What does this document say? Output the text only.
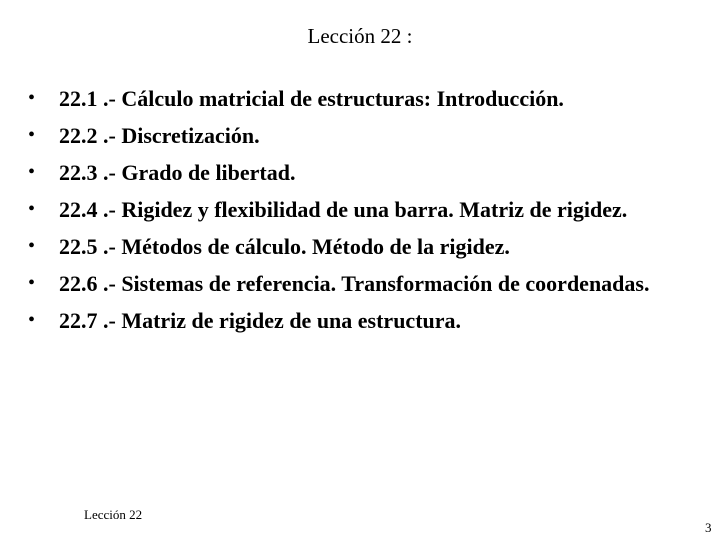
Lección 22 :
•	22.1 .- Cálculo matricial de estructuras: Introducción.
•	22.2 .- Discretización.
•	22.3 .- Grado de libertad.
•	22.4 .- Rigidez y flexibilidad de una barra. Matriz de rigidez.
•	22.5 .- Métodos de cálculo. Método de la rigidez.
•	22.6 .- Sistemas de referencia. Transformación de coordenadas.
•	22.7 .- Matriz de rigidez de una estructura.
Lección 22
3
